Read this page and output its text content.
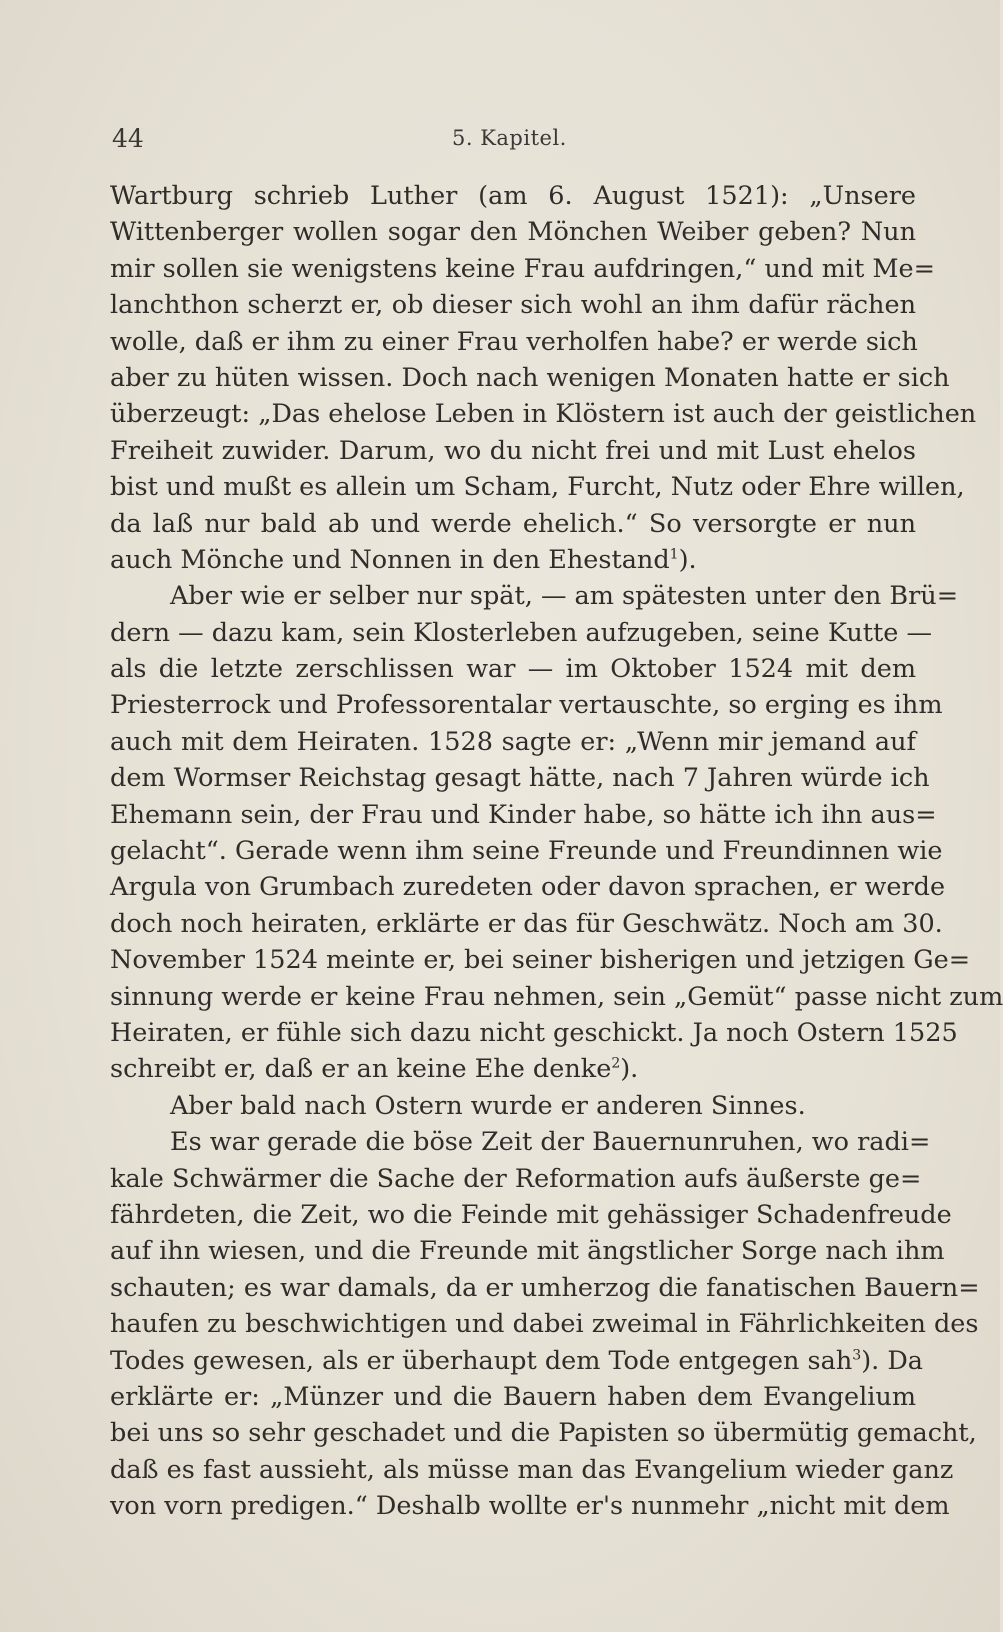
44	5. Kapitel.
Wartburg schrieb Luther (am 6. August 1521): „Unsere
Wittenberger wollen sogar den Mönchen Weiber geben? Nun
mir sollen sie wenigstens keine Frau aufdringen,“ und mit Me=
lanchthon scherzt er, ob dieser sich wohl an ihm dafür rächen
wolle, daß er ihm zu einer Frau verholfen habe? er werde sich
aber zu hüten wissen. Doch nach wenigen Monaten hatte er sich
überzeugt: „Das ehelose Leben in Klöstern ist auch der geistlichen
Freiheit zuwider. Darum, wo du nicht frei und mit Lust ehelos
bist und mußt es allein um Scham, Furcht, Nutz oder Ehre willen,
da laß nur bald ab und werde ehelich.“ So versorgte er nun
auch Mönche und Nonnen in den Ehestand$^1$).
Aber wie er selber nur spät, — am spätesten unter den Brü=
dern — dazu kam, sein Klosterleben aufzugeben, seine Kutte —
als die letzte zerschlissen war — im Oktober 1524 mit dem
Priesterrock und Professorentalar vertauschte, so erging es ihm
auch mit dem Heiraten. 1528 sagte er: „Wenn mir jemand auf
dem Wormser Reichstag gesagt hätte, nach 7 Jahren würde ich
Ehemann sein, der Frau und Kinder habe, so hätte ich ihn aus=
gelacht“. Gerade wenn ihm seine Freunde und Freundinnen wie
Argula von Grumbach zuredeten oder davon sprachen, er werde
doch noch heiraten, erklärte er das für Geschwätz. Noch am 30.
November 1524 meinte er, bei seiner bisherigen und jetzigen Ge=
sinnung werde er keine Frau nehmen, sein „Gemüt“ passe nicht zum
Heiraten, er fühle sich dazu nicht geschickt. Ja noch Ostern 1525
schreibt er, daß er an keine Ehe denke$^2$).
Aber bald nach Ostern wurde er anderen Sinnes.
Es war gerade die böse Zeit der Bauernunruhen, wo radi=
kale Schwärmer die Sache der Reformation aufs äußerste ge=
fährdeten, die Zeit, wo die Feinde mit gehässiger Schadenfreude
auf ihn wiesen, und die Freunde mit ängstlicher Sorge nach ihm
schauten; es war damals, da er umherzog die fanatischen Bauern=
haufen zu beschwichtigen und dabei zweimal in Fährlichkeiten des
Todes gewesen, als er überhaupt dem Tode entgegen sah$^3$). Da
erklärte er: „Münzer und die Bauern haben dem Evangelium
bei uns so sehr geschadet und die Papisten so übermütig gemacht,
daß es fast aussieht, als müsse man das Evangelium wieder ganz
von vorn predigen.“ Deshalb wollte er's nunmehr „nicht mit dem
